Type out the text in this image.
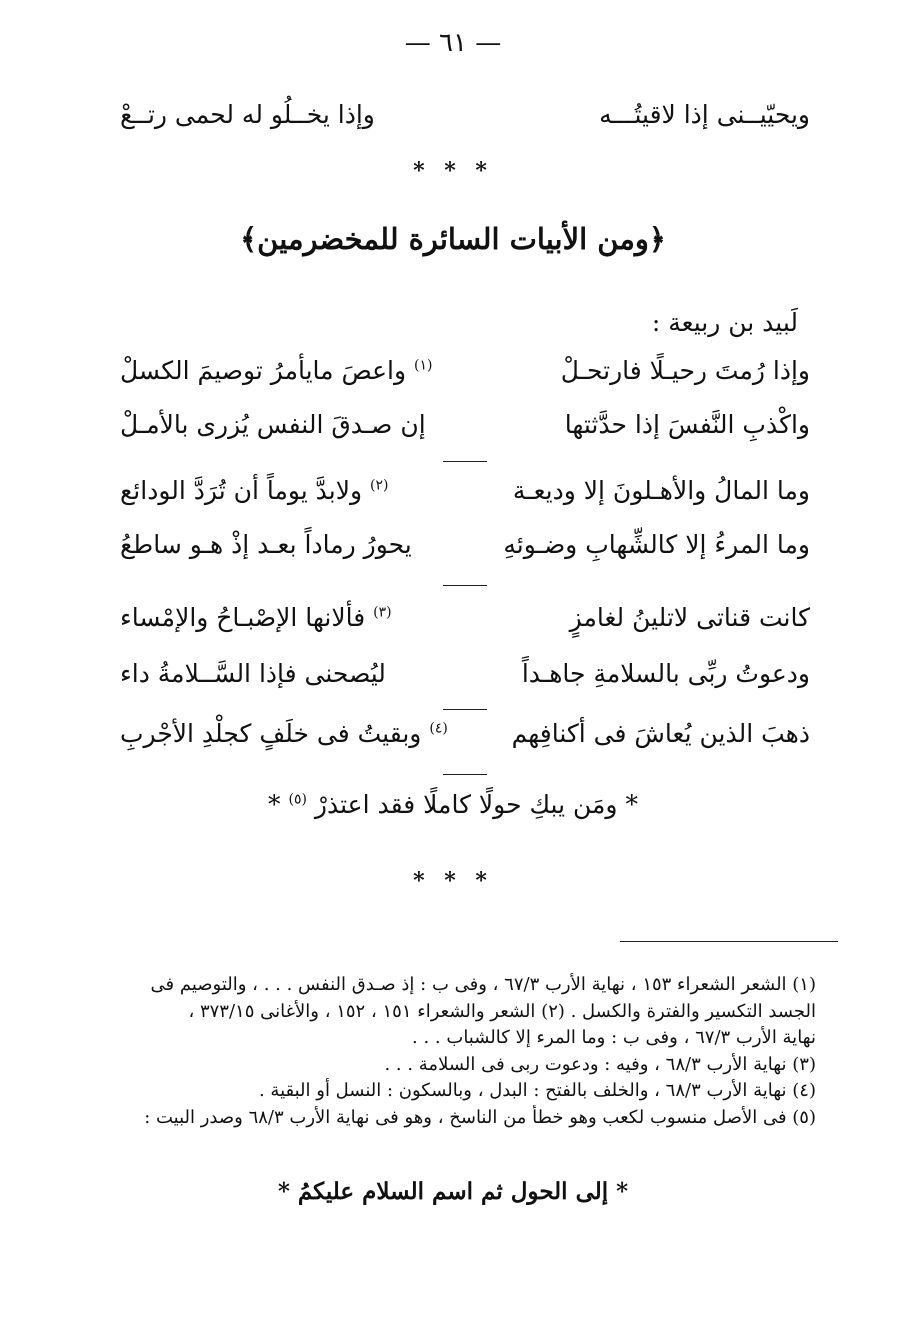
— ٦١ —
ويحيّيــنى إذا لاقيتُـــه
وإذا يخــلُو له لحمى رتــعْ
* * *
﴿ومن الأبيات السائرة للمخضرمين﴾
لَبيد بن ربيعة :
وإذا رُمتَ رحيـلًا فارتحـلْ
$^{(١)}$ واعصَ مايأمرُ توصيمَ الكسلْ
واكْذبِ النَّفسَ إذا حدَّثتها
إن صـدقَ النفس يُزرى بالأمـلْ
وما المالُ والأهـلونَ إلا وديعـة
$^{(٢)}$ ولابدَّ يوماً أن تُرَدَّ الودائع
وما المرءُ إلا كالشِّهابِ وضـوئهِ
يحورُ رماداً بعـد إذْ هـو ساطعُ
كانت قناتى لاتلينُ لغامزٍ
$^{(٣)}$ فألانها الإصْبـاحُ والإمْساء
ودعوتُ ربِّى بالسلامةِ جاهـداً
ليُصحنى فإذا السَّــلامةُ داء
ذهبَ الذين يُعاشَ فى أكنافِهم
$^{(٤)}$ وبقيتُ فى خلَفٍ كجلْدِ الأجْربِ
* ومَن يبكِ حولًا كاملًا فقد اعتذرْ $^{(٥)}$ *
* * *
(١) الشعر الشعراء ١٥٣ ، نهاية الأرب ٦٧/٣ ، وفى ب : إذ صـدق النفس . . . ، والتوصيم فى
الجسد التكسير والفترة والكسل . (٢) الشعر والشعراء ١٥١ ، ١٥٢ ، والأغانى ٣٧٣/١٥ ،
نهاية الأرب ٦٧/٣ ، وفى ب : وما المرء إلا كالشباب . . .
(٣) نهاية الأرب ٦٨/٣ ، وفيه : ودعوت ربى فى السلامة . . .
(٤) نهاية الأرب ٦٨/٣ ، والخلف بالفتح : البدل ، وبالسكون : النسل أو البقية .
(٥) فى الأصل منسوب لكعب وهو خطأ من الناسخ ، وهو فى نهاية الأرب ٦٨/٣ وصدر البيت :
* إلى الحول ثم اسم السلام عليكمُ *
